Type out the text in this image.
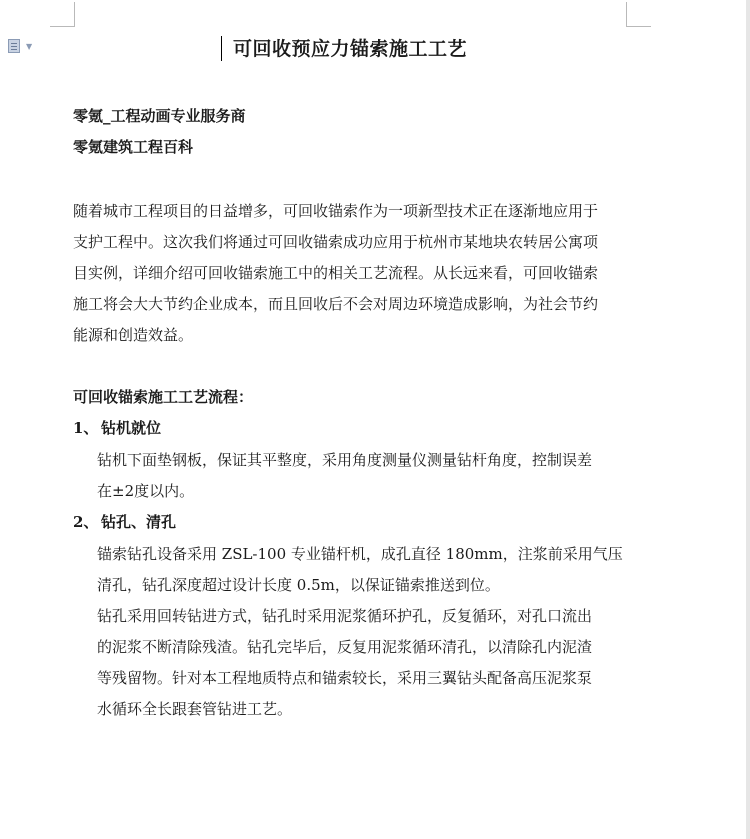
▼	可回收预应力锚索施工工艺
零氪_工程动画专业服务商
零氪建筑工程百科
随着城市工程项目的日益增多，可回收锚索作为一项新型技术正在逐渐地应用于
支护工程中。这次我们将通过可回收锚索成功应用于杭州市某地块农转居公寓项
目实例，详细介绍可回收锚索施工中的相关工艺流程。从长远来看，可回收锚索
施工将会大大节约企业成本，而且回收后不会对周边环境造成影响，为社会节约
能源和创造效益。
可回收锚索施工工艺流程：
1、 钻机就位
钻机下面垫钢板，保证其平整度，采用角度测量仪测量钻杆角度，控制误差
在±2度以内。
2、 钻孔、清孔
锚索钻孔设备采用 ZSL-100 专业锚杆机，成孔直径 180mm，注浆前采用气压
清孔，钻孔深度超过设计长度 0.5m，以保证锚索推送到位。
钻孔采用回转钻进方式，钻孔时采用泥浆循环护孔，反复循环，对孔口流出
的泥浆不断清除残渣。钻孔完毕后，反复用泥浆循环清孔，以清除孔内泥渣
等残留物。针对本工程地质特点和锚索较长，采用三翼钻头配备高压泥浆泵
水循环全长跟套管钻进工艺。
